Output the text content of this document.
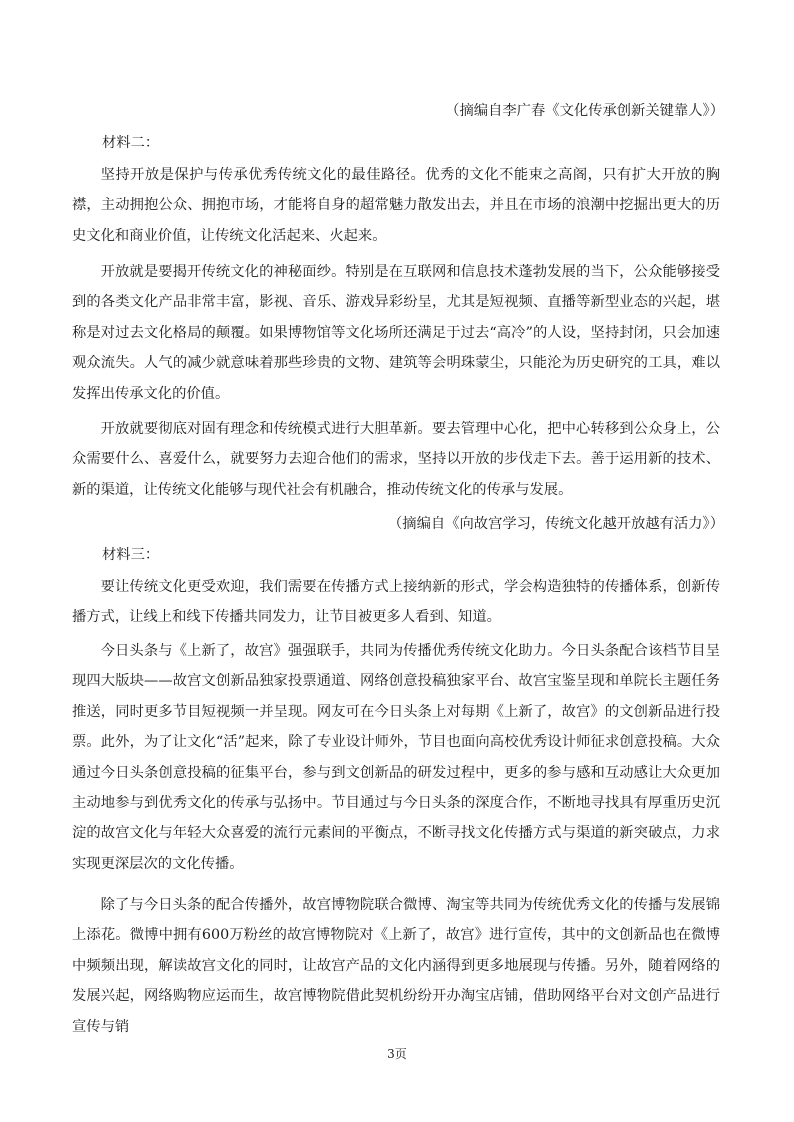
（摘编自李广春《文化传承创新关键靠人》）
材料二：

坚持开放是保护与传承优秀传统文化的最佳路径。优秀的文化不能束之高阁，只有扩大开放的胸襟，主动拥抱公众、拥抱市场，才能将自身的超常魅力散发出去，并且在市场的浪潮中挖掘出更大的历史文化和商业价值，让传统文化活起来、火起来。

开放就是要揭开传统文化的神秘面纱。特别是在互联网和信息技术蓬勃发展的当下，公众能够接受到的各类文化产品非常丰富，影视、音乐、游戏异彩纷呈，尤其是短视频、直播等新型业态的兴起，堪称是对过去文化格局的颠覆。如果博物馆等文化场所还满足于过去“高冷”的人设，坚持封闭，只会加速观众流失。人气的减少就意味着那些珍贵的文物、建筑等会明珠蒙尘，只能沦为历史研究的工具，难以发挥出传承文化的价值。

开放就要彻底对固有理念和传统模式进行大胆革新。要去管理中心化，把中心转移到公众身上，公众需要什么、喜爱什么，就要努力去迎合他们的需求，坚持以开放的步伐走下去。善于运用新的技术、新的渠道，让传统文化能够与现代社会有机融合，推动传统文化的传承与发展。

（摘编自《向故宫学习，传统文化越开放越有活力》）
材料三：

要让传统文化更受欢迎，我们需要在传播方式上接纳新的形式，学会构造独特的传播体系，创新传播方式，让线上和线下传播共同发力，让节目被更多人看到、知道。

今日头条与《上新了，故宫》强强联手，共同为传播优秀传统文化助力。今日头条配合该档节目呈现四大版块——故宫文创新品独家投票通道、网络创意投稿独家平台、故宫宝鉴呈现和单院长主题任务推送，同时更多节目短视频一并呈现。网友可在今日头条上对每期《上新了，故宫》的文创新品进行投票。此外，为了让文化“活”起来，除了专业设计师外，节目也面向高校优秀设计师征求创意投稿。大众通过今日头条创意投稿的征集平台，参与到文创新品的研发过程中，更多的参与感和互动感让大众更加主动地参与到优秀文化的传承与弘扬中。节目通过与今日头条的深度合作，不断地寻找具有厚重历史沉淀的故宫文化与年轻大众喜爱的流行元素间的平衡点，不断寻找文化传播方式与渠道的新突破点，力求实现更深层次的文化传播。

除了与今日头条的配合传播外，故宫博物院联合微博、淘宝等共同为传统优秀文化的传播与发展锦上添花。微博中拥有600万粉丝的故宫博物院对《上新了，故宫》进行宣传，其中的文创新品也在微博中频频出现，解读故宫文化的同时，让故宫产品的文化内涵得到更多地展现与传播。另外，随着网络的发展兴起，网络购物应运而生，故宫博物院借此契机纷纷开办淘宝店铺，借助网络平台对文创产品进行宣传与销

3页
